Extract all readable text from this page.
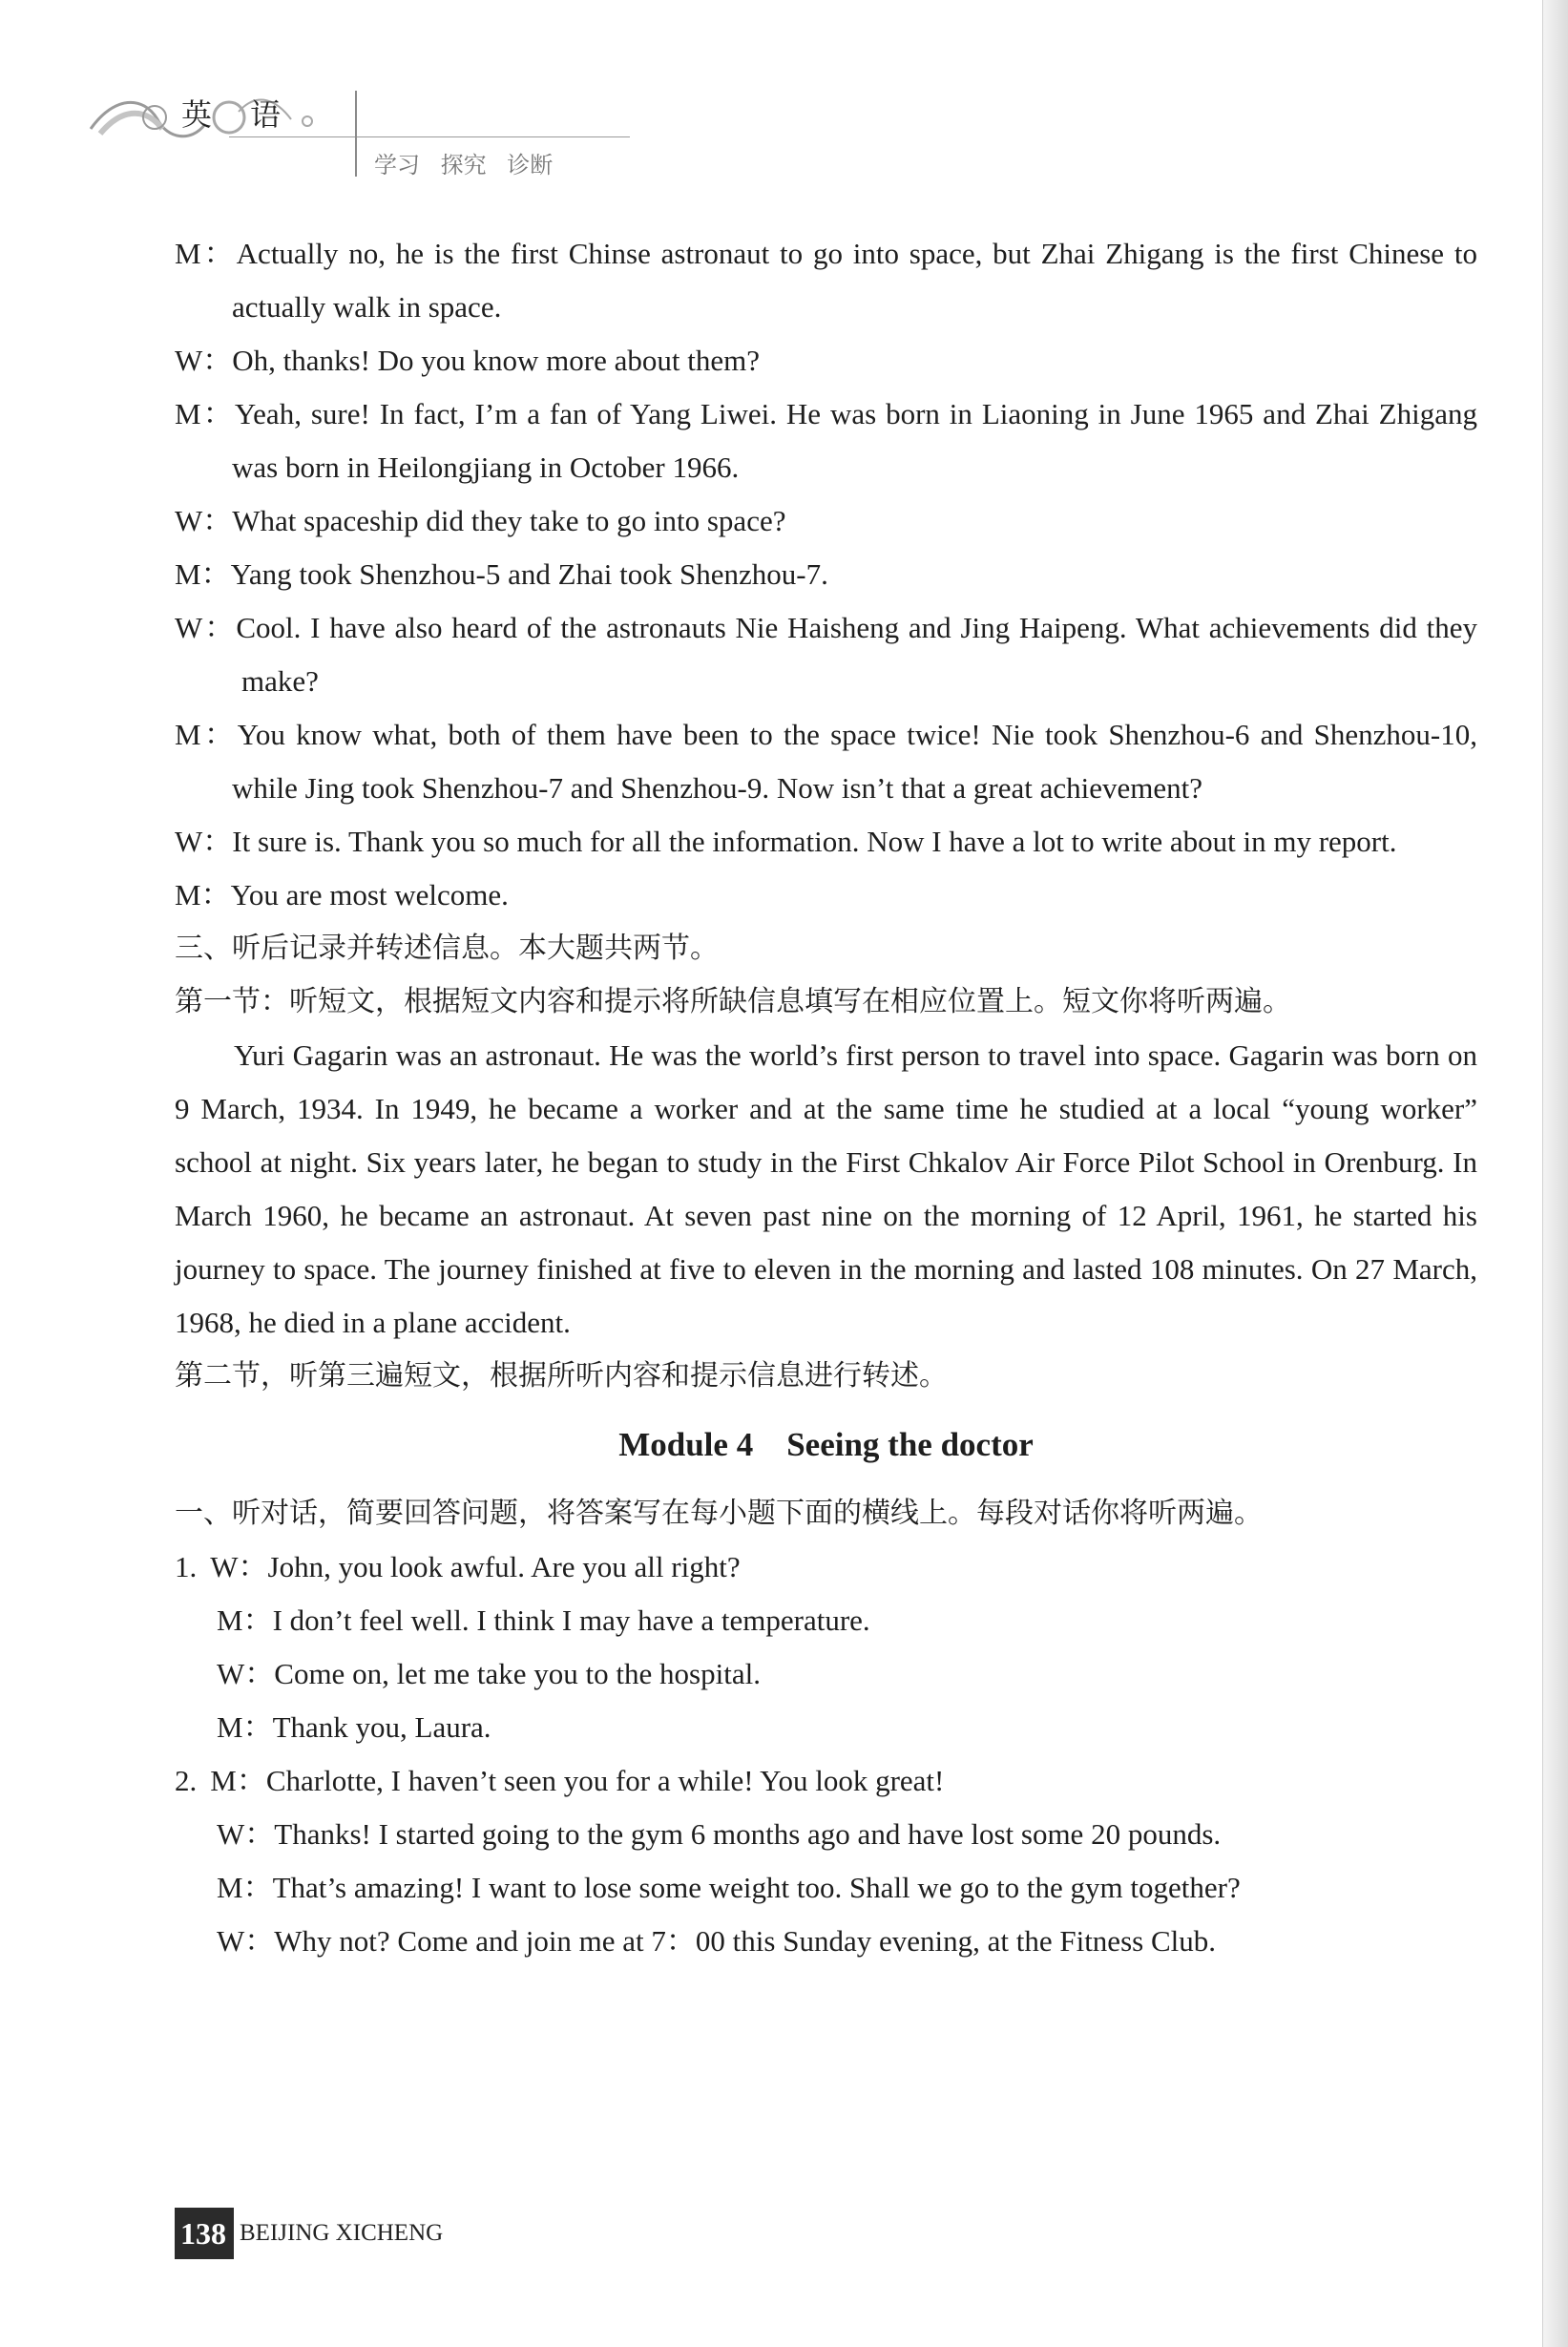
英语
学习 探究 诊断

M：Actually no, he is the first Chinse astronaut to go into space, but Zhai Zhigang is the first Chinese to actually walk in space.

W：Oh, thanks! Do you know more about them?

M：Yeah, sure! In fact, I’m a fan of Yang Liwei. He was born in Liaoning in June 1965 and Zhai Zhigang was born in Heilongjiang in October 1966.

W：What spaceship did they take to go into space?

M：Yang took Shenzhou-5 and Zhai took Shenzhou-7.

W：Cool. I have also heard of the astronauts Nie Haisheng and Jing Haipeng. What achievements did they make?

M：You know what, both of them have been to the space twice! Nie took Shenzhou-6 and Shenzhou-10, while Jing took Shenzhou-7 and Shenzhou-9. Now isn’t that a great achievement?

W：It sure is. Thank you so much for all the information. Now I have a lot to write about in my report.

M：You are most welcome.

三、听后记录并转述信息。本大题共两节。

第一节：听短文，根据短文内容和提示将所缺信息填写在相应位置上。短文你将听两遍。

Yuri Gagarin was an astronaut. He was the world’s first person to travel into space. Gagarin was born on 9 March, 1934. In 1949, he became a worker and at the same time he studied at a local “young worker” school at night. Six years later, he began to study in the First Chkalov Air Force Pilot School in Orenburg. In March 1960, he became an astronaut. At seven past nine on the morning of 12 April, 1961, he started his journey to space. The journey finished at five to eleven in the morning and lasted 108 minutes. On 27 March, 1968, he died in a plane accident.

第二节，听第三遍短文，根据所听内容和提示信息进行转述。

Module 4　Seeing the doctor

一、听对话，简要回答问题，将答案写在每小题下面的横线上。每段对话你将听两遍。

1. W：John, you look awful. Are you all right?

M：I don’t feel well. I think I may have a temperature.

W：Come on, let me take you to the hospital.

M：Thank you, Laura.

2. M：Charlotte, I haven’t seen you for a while! You look great!

W：Thanks! I started going to the gym 6 months ago and have lost some 20 pounds.

M：That’s amazing! I want to lose some weight too. Shall we go to the gym together?

W：Why not? Come and join me at 7：00 this Sunday evening, at the Fitness Club.

138 BEIJING XICHENG
